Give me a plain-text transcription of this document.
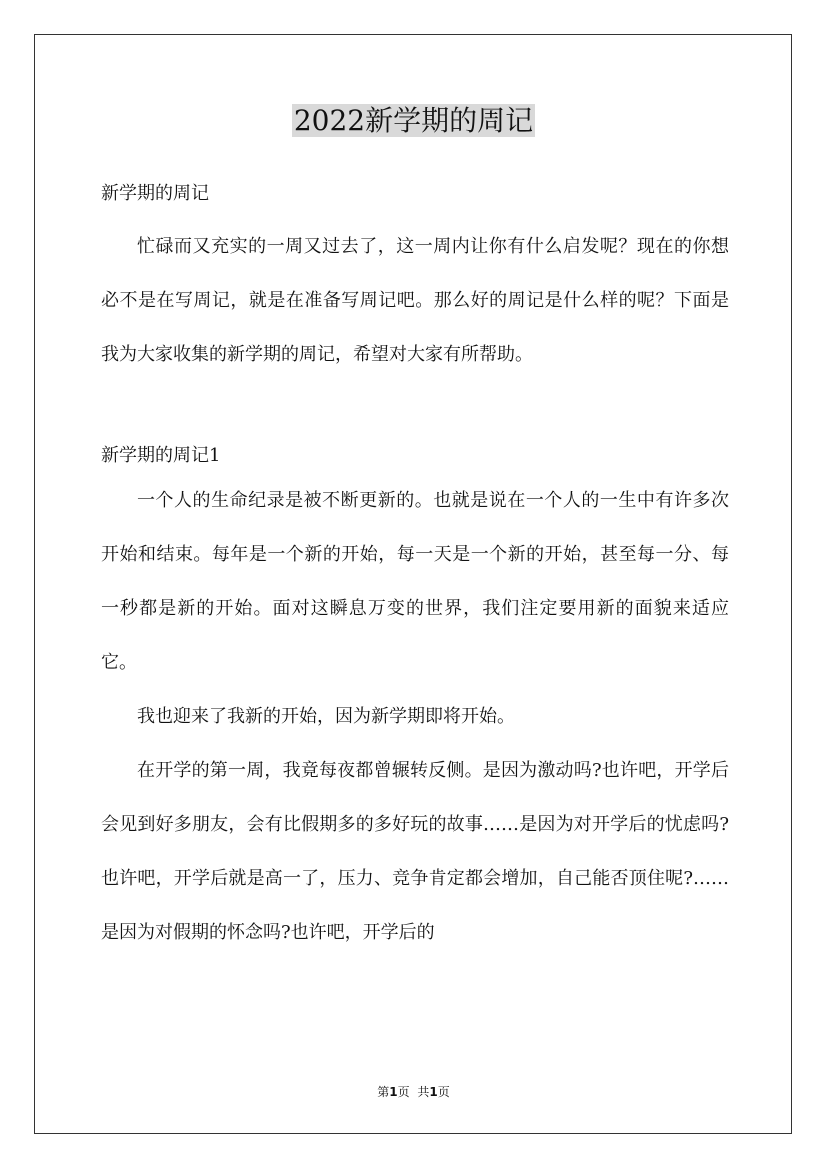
2022新学期的周记

新学期的周记

忙碌而又充实的一周又过去了，这一周内让你有什么启发呢？现在的你想必不是在写周记，就是在准备写周记吧。那么好的周记是什么样的呢？下面是我为大家收集的新学期的周记，希望对大家有所帮助。

新学期的周记1

一个人的生命纪录是被不断更新的。也就是说在一个人的一生中有许多次开始和结束。每年是一个新的开始，每一天是一个新的开始，甚至每一分、每一秒都是新的开始。面对这瞬息万变的世界，我们注定要用新的面貌来适应它。

我也迎来了我新的开始，因为新学期即将开始。

在开学的第一周，我竟每夜都曾辗转反侧。是因为激动吗?也许吧，开学后会见到好多朋友，会有比假期多的多好玩的故事……是因为对开学后的忧虑吗?也许吧，开学后就是高一了，压力、竞争肯定都会增加，自己能否顶住呢?……是因为对假期的怀念吗?也许吧，开学后的

第1页 共1页
